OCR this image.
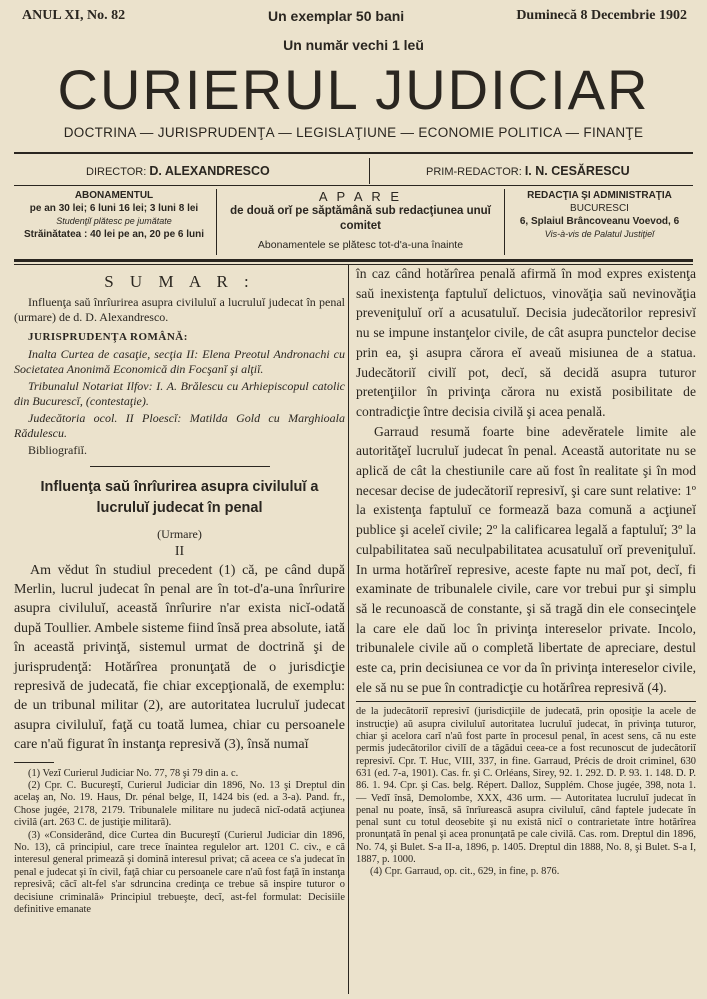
ANUL XI, No. 82	Un exemplar 50 bani	Duminecă 8 Decembrie 1902
Un număr vechi 1 leŭ
CURIERUL JUDICIAR
DOCTRINA — JURISPRUDENŢA — LEGISLAŢIUNE — ECONOMIE POLITICA — FINANŢE
DIRECTOR: D. ALEXANDRESCO	PRIM-REDACTOR: I. N. CESĂRESCU
ABONAMENTUL
pe an 30 lei; 6 luni 16 lei; 3 luni 8 lei
Studenţiĭ plătesc pe jumătate
Străinătatea : 40 lei pe an, 20 pe 6 luni
A P A R E
de două orĭ pe săptămână sub redacţiunea unuĭ comitet
Abonamentele se plătesc tot-d'a-una înainte
REDACŢIA ŞI ADMINISTRAŢIA
BUCURESCI
6, Splaiul Brâncoveanu Voevod, 6
Vis-à-vis de Palatul Justiţieĭ
S U M A R :

Influenţa saŭ înrîurirea asupra civiluluĭ a lucruluĭ judecat în penal (urmare) de d. D. Alexandresco.

JURISPRUDENŢA ROMÂNĂ:

Inalta Curtea de casaţie, secţia II: Elena Preotul Andronachi cu Societatea Anonimă Economică din Focşanĭ şi alţiĭ.

Tribunalul Notariat Ilfov: I. A. Brălescu cu Arhiepiscopul catolic din Bucurescĭ, (contestaţie).

Judecătoria ocol. II Ploescĭ: Matilda Gold cu Marghioala Rădulescu.

Bibliografiĭ.

Influenţa saŭ înrîurirea asupra civiluluĭ a lucruluĭ judecat în penal
(Urmare)
II

Am vĕdut în studiul precedent (1) că, pe când după Merlin, lucrul judecat în penal are în tot-d'a-una înrîurire asupra civiluluĭ, această înrîurire n'ar exista nicĭ-odată după Toullier. Ambele sisteme fiind însă prea absolute, iată în această privinţă, sistemul urmat de doctrină şi de jurisprudenţă: Hotărîrea pronunţată de o jurisdicţie represivă de judecată, fie chiar excepţională, de exemplu: de un tribunal militar (2), are autoritatea lucruluĭ judecat asupra civiluluĭ, faţă cu toată lumea, chiar cu persoanele care n'aŭ figurat în instanţa represivă (3), însă numaĭ

(1) Vezĭ Curierul Judiciar No. 77, 78 şi 79 din a. c.

(2) Cpr. C. Bucureştĭ, Curierul Judiciar din 1896, No. 13 şi Dreptul din acelaş an, No. 19. Haus, Dr. pénal belge, II, 1424 bis (ed. a 3-a). Pand. fr., Chose jugée, 2178, 2179. Tribunalele militare nu judecă nicĭ-odată acţiunea civilă (art. 263 C. de justiţie militară).

(3) «Considerând, dice Curtea din Bucureştĭ (Curierul Judiciar din 1896, No. 13), că principiul, care trece înaintea regulelor art. 1201 C. civ., e că interesul general primează şi domină interesul privat; că aceea ce s'a judecat în penal e judecat şi în civil, faţă chiar cu persoanele care n'aŭ fost faţă în instanţa represivă; căcĭ alt-fel s'ar sdruncina credinţa ce trebue să inspire tuturor o decisiune criminală» Principiul trebueşte, decĭ, ast-fel formulat: Decisiile definitive emanate

în caz când hotărîrea penală afirmă în mod expres existenţa saŭ inexistenţa faptuluĭ delictuos, vinovăţia saŭ nevinovăţia preveniţuluĭ orĭ a acusatuluĭ. Decisia judecătorilor represivĭ nu se impune instanţelor civile, de cât asupra punctelor decise prin ea, şi asupra cărora eĭ aveaŭ misiunea de a statua. Judecătoriĭ civilĭ pot, decĭ, să decidă asupra tuturor pretenţiilor în privinţa cărora nu există posibilitate de contradicţie între decisia civilă şi acea penală.

Garraud resumă foarte bine adevĕratele limite ale autorităţeĭ lucruluĭ judecat în penal. Această autoritate nu se aplică de cât la chestiunile care aŭ fost în realitate şi în mod necesar decise de judecătoriĭ represivĭ, şi care sunt relative: 1º la existenţa faptuluĭ ce formează baza comună a acţiuneĭ publice şi aceleĭ civile; 2º la calificarea legală a faptuluĭ; 3º la culpabilitatea saŭ neculpabilitatea acusatuluĭ orĭ preveniţuluĭ. In urma hotărîreĭ represive, aceste fapte nu maĭ pot, decĭ, fi examinate de tribunalele civile, care vor trebui pur şi simplu să le recunoască de constante, şi să tragă din ele consecinţele la care ele daŭ loc în privinţa intereselor private. Incolo, tribunalele civile aŭ o completă libertate de apreciare, destul este ca, prin decisiunea ce vor da în privinţa intereselor civile, ele să nu se pue în contradicţie cu hotărîrea represivă (4).

de la judecătoriĭ represivĭ (jurisdicţiile de judecată, prin oposiţie la acele de instrucţie) aŭ asupra civiluluĭ autoritatea lucruluĭ judecat, în privinţa tuturor, chiar şi acelora carĭ n'aŭ fost parte în procesul penal, în acest sens, că nu este permis judecătorilor civilĭ de a tăgădui ceea-ce a fost recunoscut de judecătoriĭ represivĭ. Cpr. T. Huc, VIII, 337, in fine. Garraud, Précis de droit criminel, 630 631 (ed. 7-a, 1901). Cas. fr. şi C. Orléans, Sirey, 92. 1. 292. D. P. 93. 1. 148. D. P. 86. 1. 94. Cpr. şi Cas. belg. Répert. Dalloz, Supplém. Chose jugée, 398, nota 1. — Vedĭ însă, Demolombe, XXX, 436 urm. — Autoritatea lucruluĭ judecat în penal nu poate, însă, să înrîurească asupra civiluluĭ, când faptele judecate în penal sunt cu totul deosebite şi nu există nicĭ o contrarietate între hotărîrea pronunţată în penal şi acea pronunţată pe cale civilă. Cas. rom. Dreptul din 1896, No. 74, şi Bulet. S-a II-a, 1896, p. 1405. Dreptul din 1888, No. 8, şi Bulet. S-a I, 1887, p. 1000.

(4) Cpr. Garraud, op. cit., 629, in fine, p. 876.
